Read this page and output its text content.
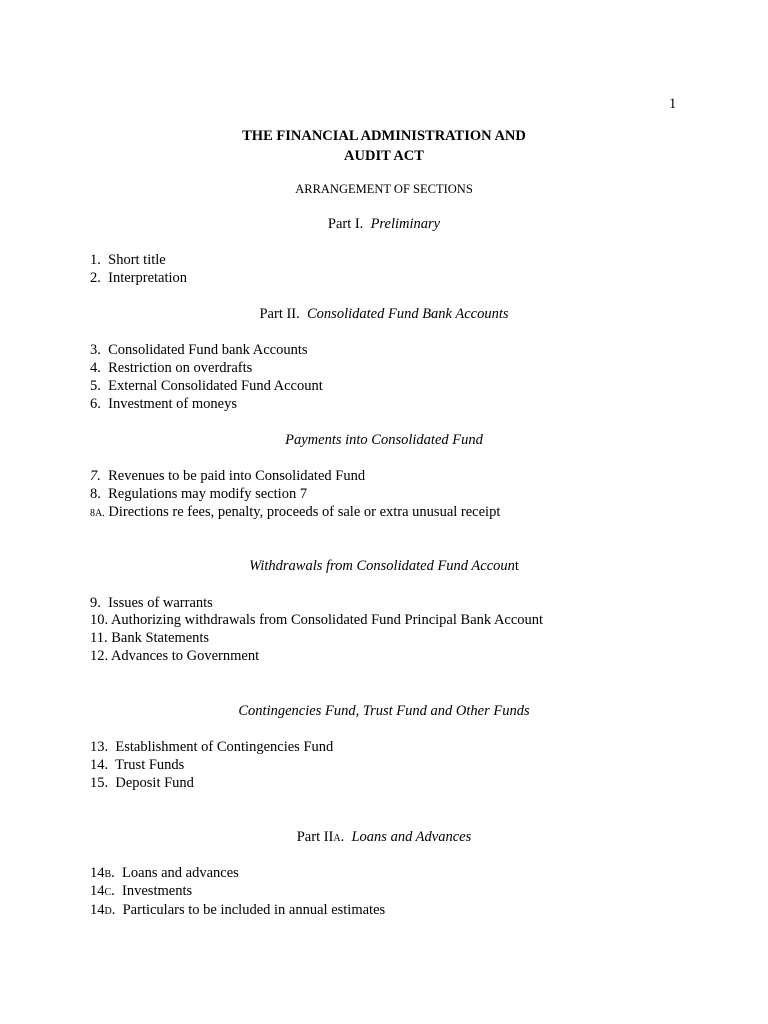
1
THE FINANCIAL ADMINISTRATION AND
AUDIT ACT
ARRANGEMENT OF SECTIONS
Part I. Preliminary
1. Short title
2. Interpretation
Part II. Consolidated Fund Bank Accounts
3. Consolidated Fund bank Accounts
4. Restriction on overdrafts
5. External Consolidated Fund Account
6. Investment of moneys
Payments into Consolidated Fund
7. Revenues to be paid into Consolidated Fund
8. Regulations may modify section 7
8A. Directions re fees, penalty, proceeds of sale or extra unusual receipt
Withdrawals from Consolidated Fund Account
9. Issues of warrants
10. Authorizing withdrawals from Consolidated Fund Principal Bank Account
11. Bank Statements
12. Advances to Government
Contingencies Fund, Trust Fund and Other Funds
13. Establishment of Contingencies Fund
14. Trust Funds
15. Deposit Fund
Part IIA. Loans and Advances
14B.  Loans and advances
14C.  Investments
14D.  Particulars to be included in annual estimates
